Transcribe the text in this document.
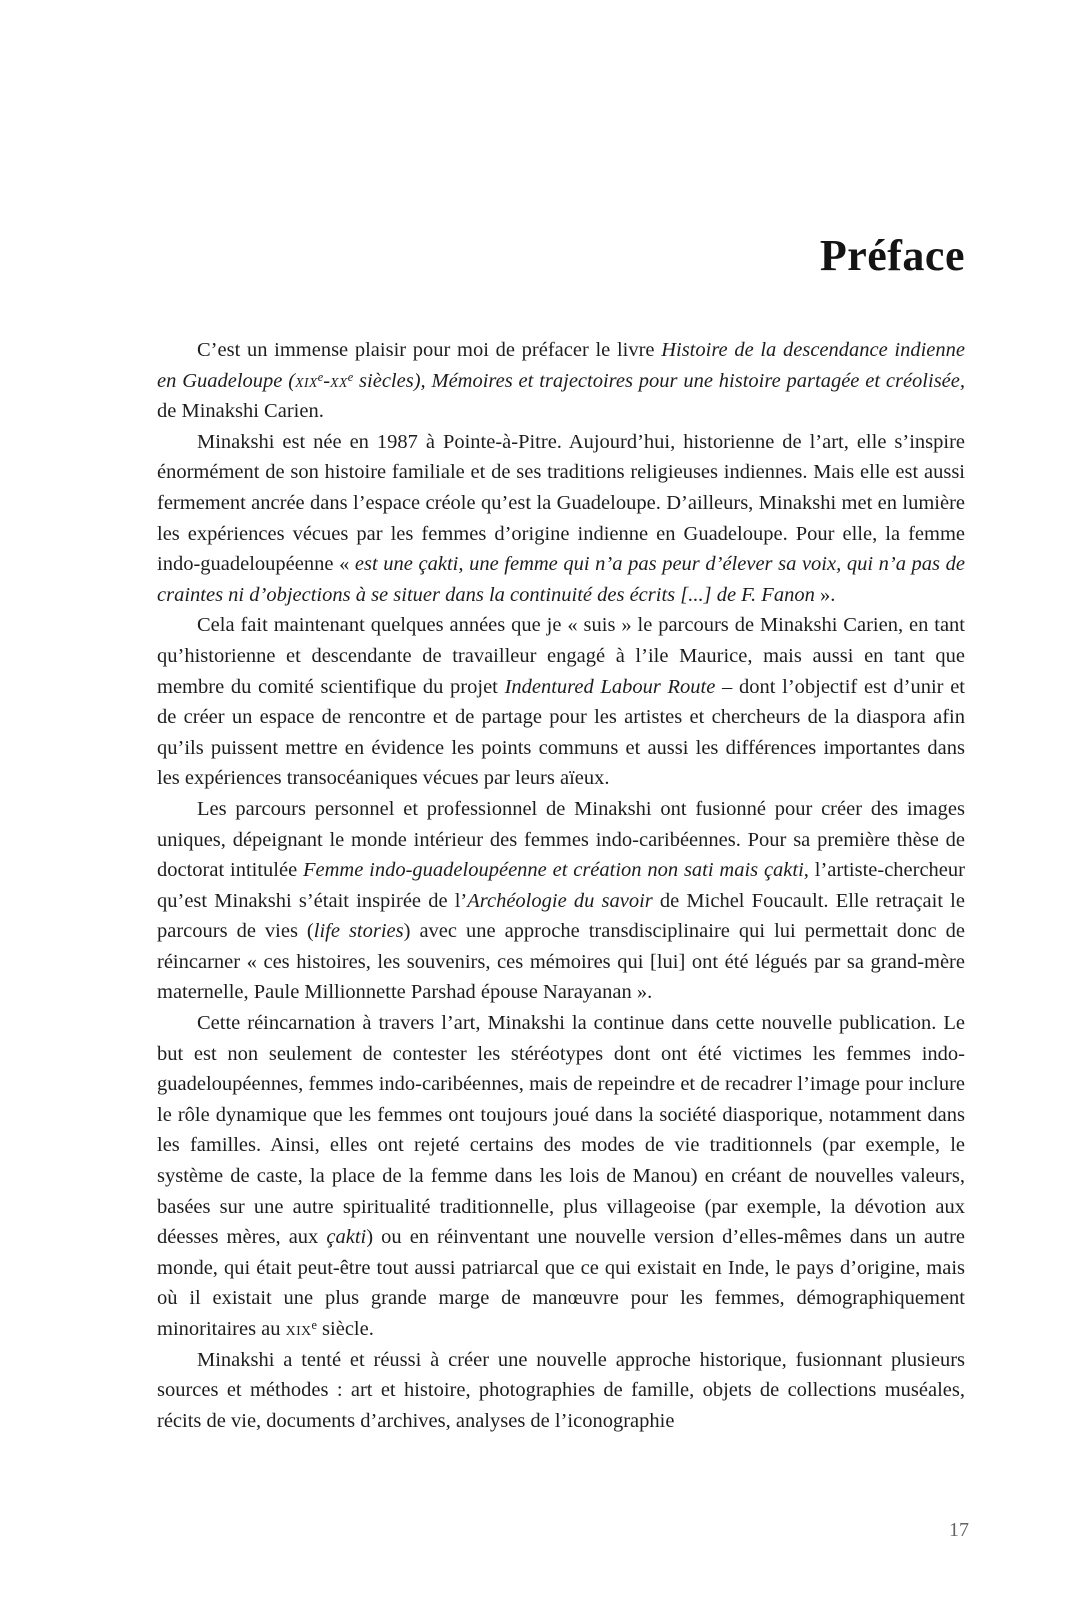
Préface

C’est un immense plaisir pour moi de préfacer le livre Histoire de la descendance indienne en Guadeloupe ($xix^e-xx^e$ siècles), Mémoires et trajectoires pour une histoire partagée et créolisée, de Minakshi Carien.

Minakshi est née en 1987 à Pointe-à-Pitre. Aujourd’hui, historienne de l’art, elle s’inspire énormément de son histoire familiale et de ses traditions religieuses indiennes. Mais elle est aussi fermement ancrée dans l’espace créole qu’est la Guadeloupe. D’ailleurs, Minakshi met en lumière les expériences vécues par les femmes d’origine indienne en Guadeloupe. Pour elle, la femme indo-guadeloupéenne « est une çakti, une femme qui n’a pas peur d’élever sa voix, qui n’a pas de craintes ni d’objections à se situer dans la continuité des écrits [...] de F. Fanon ».

Cela fait maintenant quelques années que je « suis » le parcours de Minakshi Carien, en tant qu’historienne et descendante de travailleur engagé à l’ile Maurice, mais aussi en tant que membre du comité scientifique du projet Indentured Labour Route – dont l’objectif est d’unir et de créer un espace de rencontre et de partage pour les artistes et chercheurs de la diaspora afin qu’ils puissent mettre en évidence les points communs et aussi les différences importantes dans les expériences transocéaniques vécues par leurs aïeux.

Les parcours personnel et professionnel de Minakshi ont fusionné pour créer des images uniques, dépeignant le monde intérieur des femmes indo-caribéennes. Pour sa première thèse de doctorat intitulée Femme indo-guadeloupéenne et création non sati mais çakti, l’artiste-chercheur qu’est Minakshi s’était inspirée de l’Archéologie du savoir de Michel Foucault. Elle retraçait le parcours de vies (life stories) avec une approche transdisciplinaire qui lui permettait donc de réincarner « ces histoires, les souvenirs, ces mémoires qui [lui] ont été légués par sa grand-mère maternelle, Paule Millionnette Parshad épouse Narayanan ».

Cette réincarnation à travers l’art, Minakshi la continue dans cette nouvelle publication. Le but est non seulement de contester les stéréotypes dont ont été victimes les femmes indo-guadeloupéennes, femmes indo-caribéennes, mais de repeindre et de recadrer l’image pour inclure le rôle dynamique que les femmes ont toujours joué dans la société diasporique, notamment dans les familles. Ainsi, elles ont rejeté certains des modes de vie traditionnels (par exemple, le système de caste, la place de la femme dans les lois de Manou) en créant de nouvelles valeurs, basées sur une autre spiritualité traditionnelle, plus villageoise (par exemple, la dévotion aux déesses mères, aux çakti) ou en réinventant une nouvelle version d’elles-mêmes dans un autre monde, qui était peut-être tout aussi patriarcal que ce qui existait en Inde, le pays d’origine, mais où il existait une plus grande marge de manœuvre pour les femmes, démographiquement minoritaires au xix$^e$ siècle.

Minakshi a tenté et réussi à créer une nouvelle approche historique, fusionnant plusieurs sources et méthodes : art et histoire, photographies de famille, objets de collections muséales, récits de vie, documents d’archives, analyses de l’iconographie

17
